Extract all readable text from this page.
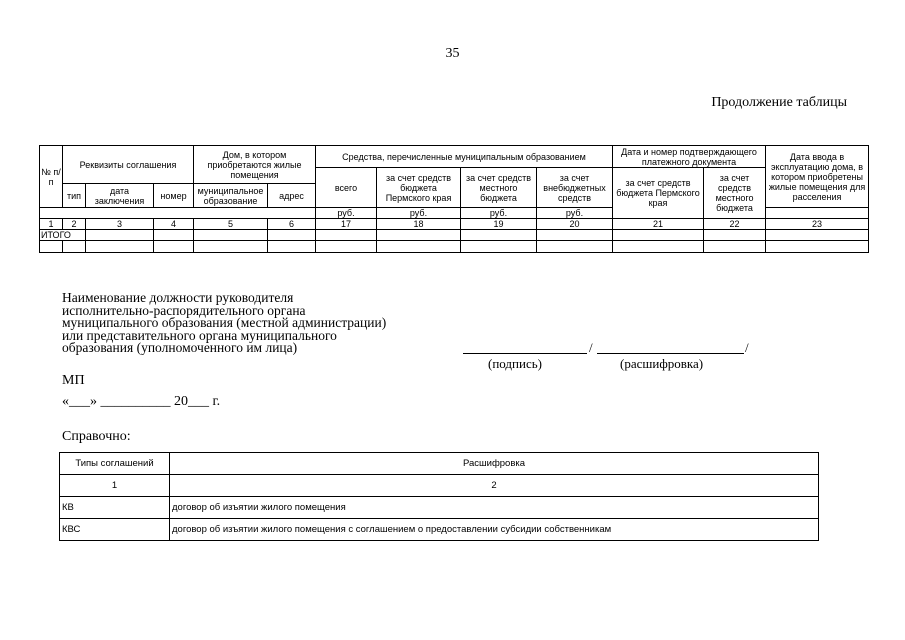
35
Продолжение таблицы
№ п/п	Реквизиты соглашения			Дом, в котором приобретаются жилые помещения		Средства, перечисленные муниципальным образованием				Дата и номер подтверждающего платежного документа		Дата ввода в эксплуатацию дома, в котором приобретены жилые помещения для расселения
						всего	за счет средств бюджета Пермского края	за счет средств местного бюджета	за счет внебюджетных средств	за счет средств бюджета Пермского края	за счет средств местного бюджета	
	тип	дата заключения	номер	муниципальное образование	адрес							
						руб.	руб.	руб.	руб.			
1	2	3	4	5	6	17	18	19	20	21	22	23
ИТОГО												

Наименование должности руководителя
исполнительно-распорядительного органа
муниципального образования (местной администрации)
или представительного органа муниципального
образования (уполномоченного им лица)	/	/
(подпись)	(расшифровка)
МП
«___» __________ 20___ г.
Справочно:
Типы соглашений	Расшифровка
1	2
КВ	договор об изъятии жилого помещения
КВС	договор об изъятии жилого помещения с соглашением о предоставлении субсидии собственникам
